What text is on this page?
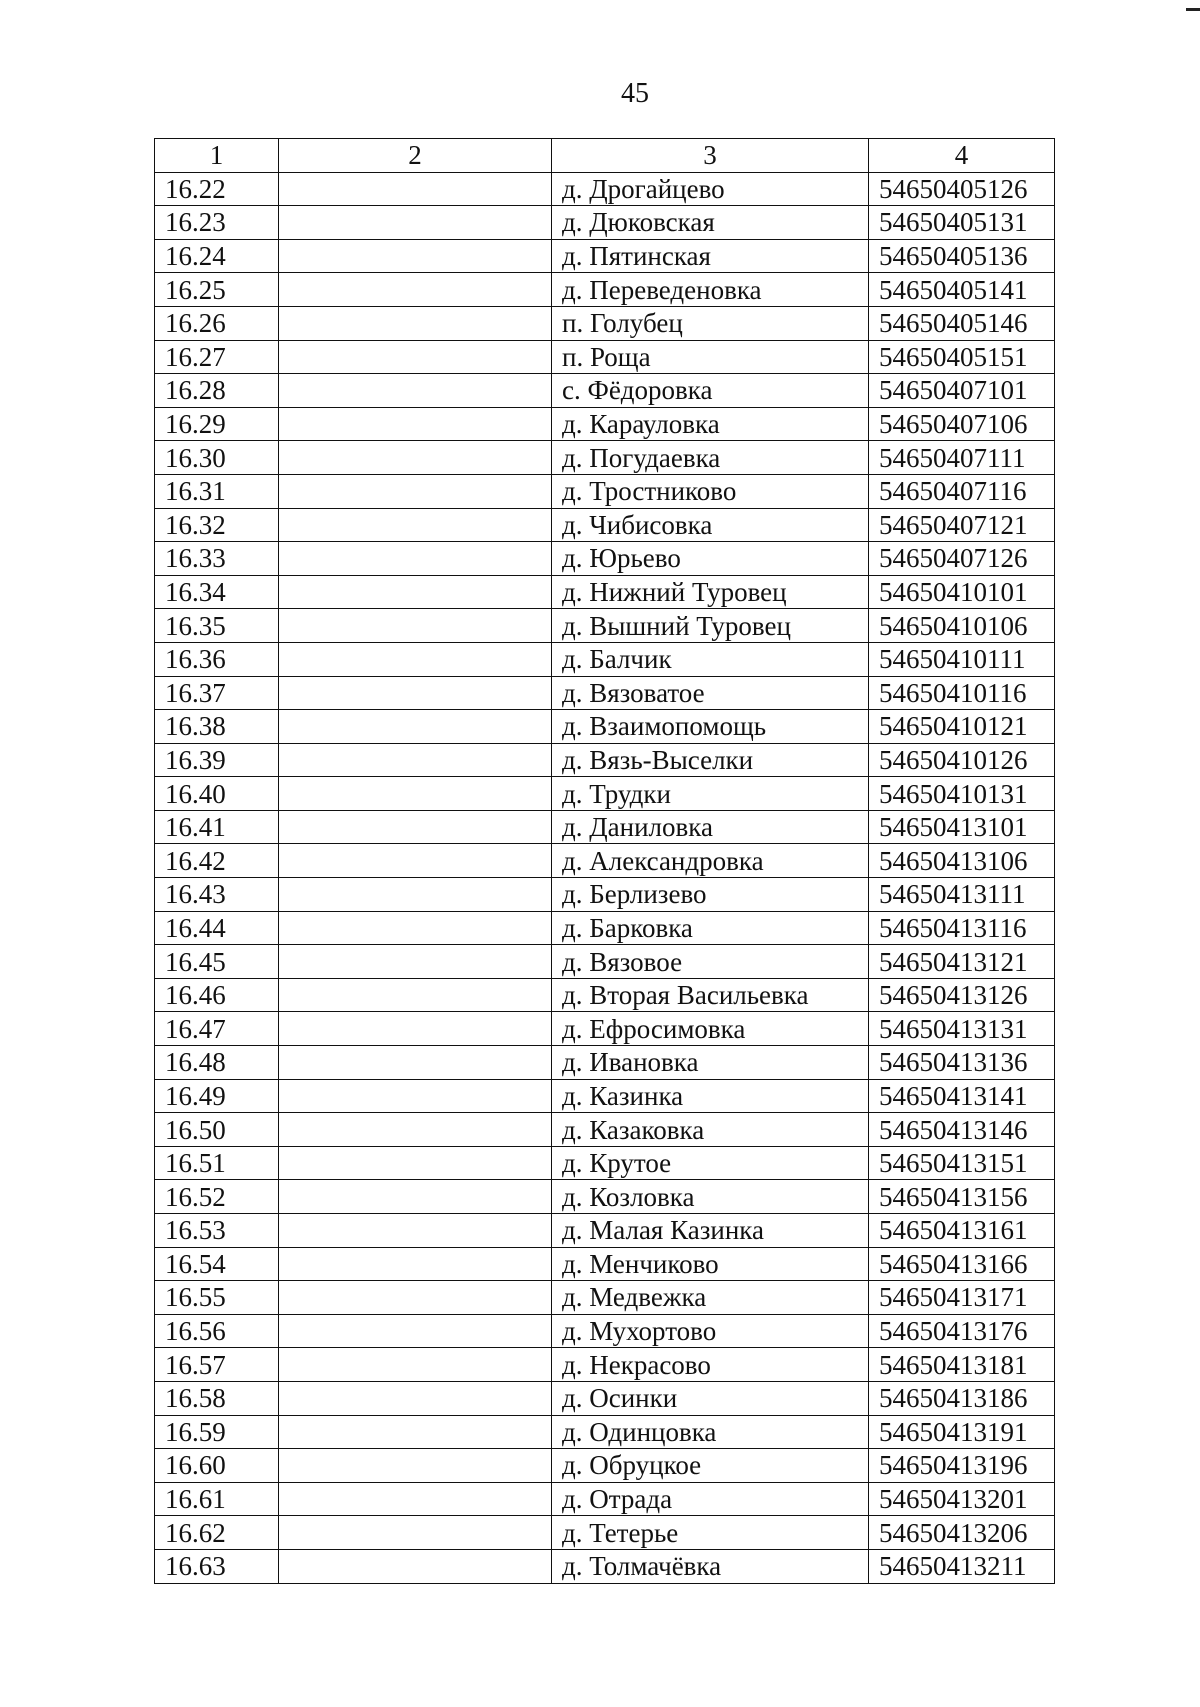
45
1	2	3	4
16.22		д. Дрогайцево	54650405126
16.23		д. Дюковская	54650405131
16.24		д. Пятинская	54650405136
16.25		д. Переведеновка	54650405141
16.26		п. Голубец	54650405146
16.27		п. Роща	54650405151
16.28		с. Фёдоровка	54650407101
16.29		д. Карауловка	54650407106
16.30		д. Погудаевка	54650407111
16.31		д. Тростниково	54650407116
16.32		д. Чибисовка	54650407121
16.33		д. Юрьево	54650407126
16.34		д. Нижний Туровец	54650410101
16.35		д. Вышний Туровец	54650410106
16.36		д. Балчик	54650410111
16.37		д. Вязоватое	54650410116
16.38		д. Взаимопомощь	54650410121
16.39		д. Вязь-Выселки	54650410126
16.40		д. Трудки	54650410131
16.41		д. Даниловка	54650413101
16.42		д. Александровка	54650413106
16.43		д. Берлизево	54650413111
16.44		д. Барковка	54650413116
16.45		д. Вязовое	54650413121
16.46		д. Вторая Васильевка	54650413126
16.47		д. Ефросимовка	54650413131
16.48		д. Ивановка	54650413136
16.49		д. Казинка	54650413141
16.50		д. Казаковка	54650413146
16.51		д. Крутое	54650413151
16.52		д. Козловка	54650413156
16.53		д. Малая Казинка	54650413161
16.54		д. Менчиково	54650413166
16.55		д. Медвежка	54650413171
16.56		д. Мухортово	54650413176
16.57		д. Некрасово	54650413181
16.58		д. Осинки	54650413186
16.59		д. Одинцовка	54650413191
16.60		д. Обруцкое	54650413196
16.61		д. Отрада	54650413201
16.62		д. Тетерье	54650413206
16.63		д. Толмачёвка	54650413211
